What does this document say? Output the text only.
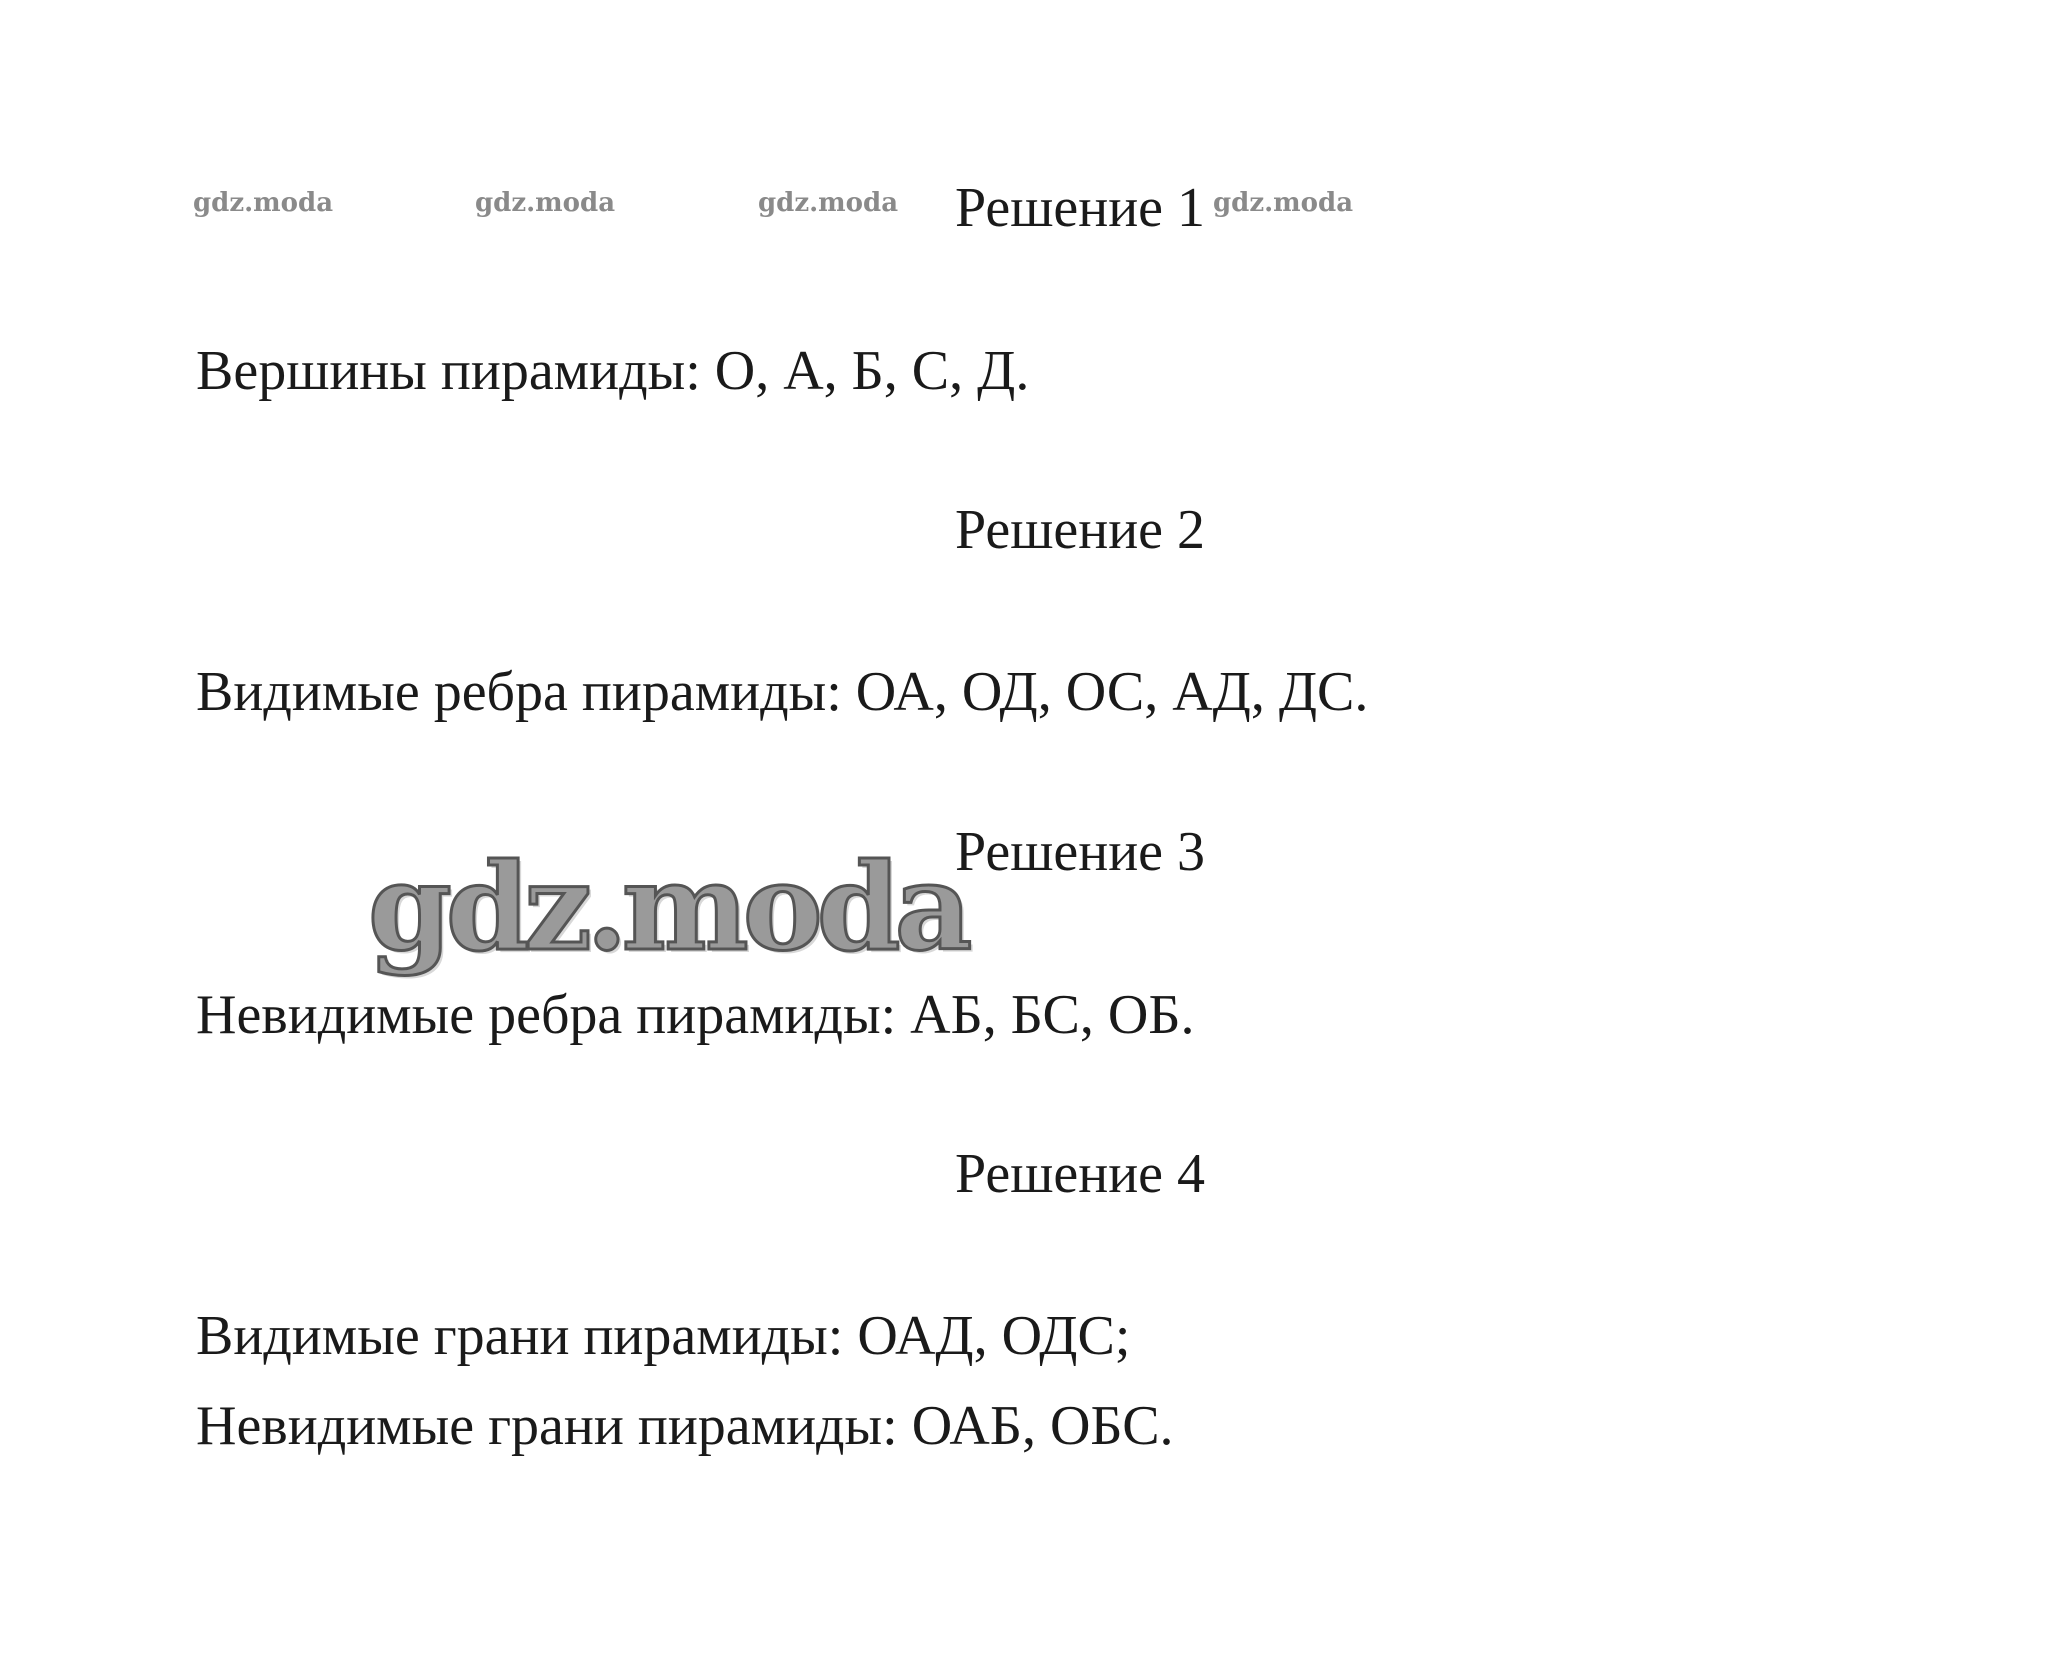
gdz.moda	gdz.moda	gdz.moda	gdz.moda
Решение 1
Вершины пирамиды: О, А, Б, С, Д.
Решение 2
Видимые ребра пирамиды: ОА, ОД, ОС, АД, ДС.
Решение 3
gdz.moda
Невидимые ребра пирамиды: АБ, БС, ОБ.
Решение 4
Видимые грани пирамиды: ОАД, ОДС;
Невидимые грани пирамиды: ОАБ, ОБС.
